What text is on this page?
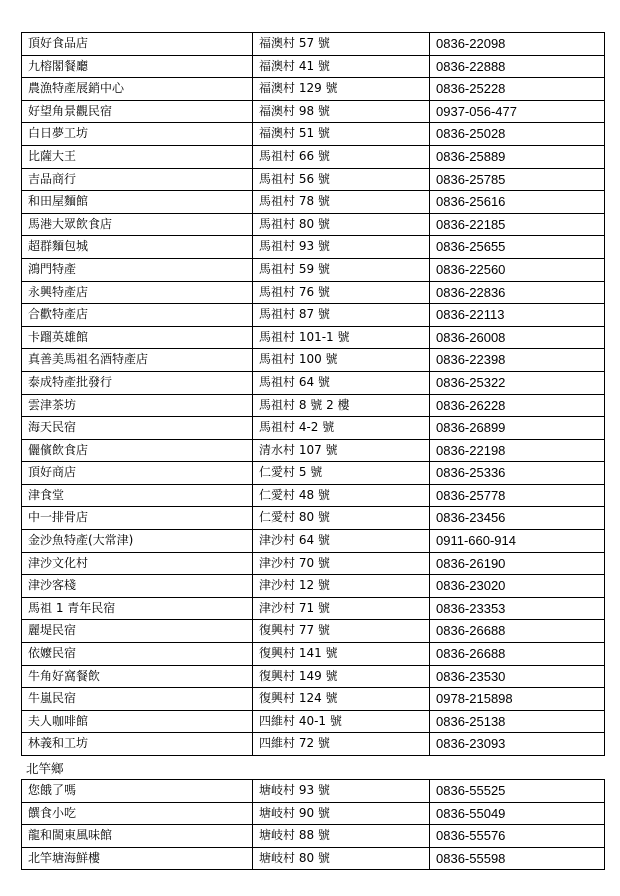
頂好食品店	福澳村 57 號	0836-22098
九榕閣餐廳	福澳村 41 號	0836-22888
農漁特產展銷中心	福澳村 129 號	0836-25228
好望角景觀民宿	福澳村 98 號	0937-056-477
白日夢工坊	福澳村 51 號	0836-25028
比薩大王	馬祖村 66 號	0836-25889
吉品商行	馬祖村 56 號	0836-25785
和田屋麵館	馬祖村 78 號	0836-25616
馬港大眾飲食店	馬祖村 80 號	0836-22185
超群麵包城	馬祖村 93 號	0836-25655
鴻門特產	馬祖村 59 號	0836-22560
永興特產店	馬祖村 76 號	0836-22836
合歡特產店	馬祖村 87 號	0836-22113
卡蹓英雄館	馬祖村 101-1 號	0836-26008
真善美馬祖名酒特產店	馬祖村 100 號	0836-22398
泰成特產批發行	馬祖村 64 號	0836-25322
雲津茶坊	馬祖村 8 號 2 樓	0836-26228
海天民宿	馬祖村 4-2 號	0836-26899
儷儐飲食店	清水村 107 號	0836-22198
頂好商店	仁愛村 5 號	0836-25336
津食堂	仁愛村 48 號	0836-25778
中一排骨店	仁愛村 80 號	0836-23456
金沙魚特產(大常津)	津沙村 64 號	0911-660-914
津沙文化村	津沙村 70 號	0836-26190
津沙客棧	津沙村 12 號	0836-23020
馬祖 1 青年民宿	津沙村 71 號	0836-23353
麗堤民宿	復興村 77 號	0836-26688
依嬤民宿	復興村 141 號	0836-26688
牛角好窩餐飲	復興村 149 號	0836-23530
牛嵐民宿	復興村 124 號	0978-215898
夫人咖啡館	四維村 40-1 號	0836-25138
林義和工坊	四維村 72 號	0836-23093
北竿鄉
您餓了嗎	塘岐村 93 號	0836-55525
饌食小吃	塘岐村 90 號	0836-55049
龍和閩東風味館	塘岐村 88 號	0836-55576
北竿塘海鮮樓	塘岐村 80 號	0836-55598
